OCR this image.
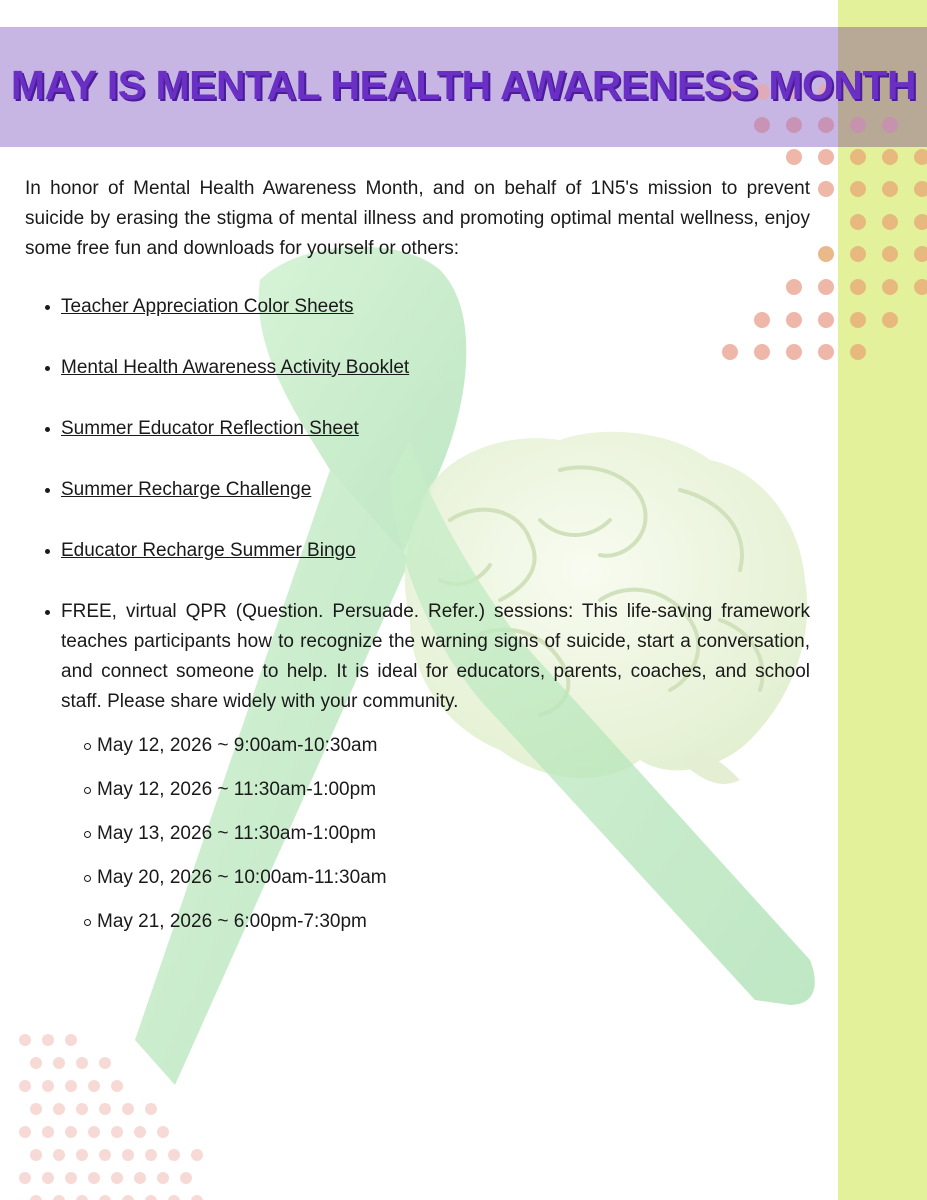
MAY IS MENTAL HEALTH AWARENESS MONTH

In honor of Mental Health Awareness Month, and on behalf of 1N5's mission to prevent suicide by erasing the stigma of mental illness and promoting optimal mental wellness, enjoy some free fun and downloads for yourself or others:

Teacher Appreciation Color Sheets
Mental Health Awareness Activity Booklet
Summer Educator Reflection Sheet
Summer Recharge Challenge
Educator Recharge Summer Bingo
FREE, virtual QPR (Question. Persuade. Refer.) sessions: This life-saving framework teaches participants how to recognize the warning signs of suicide, start a conversation, and connect someone to help. It is ideal for educators, parents, coaches, and school staff. Please share widely with your community.
May 12, 2026 ~ 9:00am-10:30am
May 12, 2026 ~ 11:30am-1:00pm
May 13, 2026 ~ 11:30am-1:00pm
May 20, 2026 ~ 10:00am-11:30am
May 21, 2026 ~ 6:00pm-7:30pm
